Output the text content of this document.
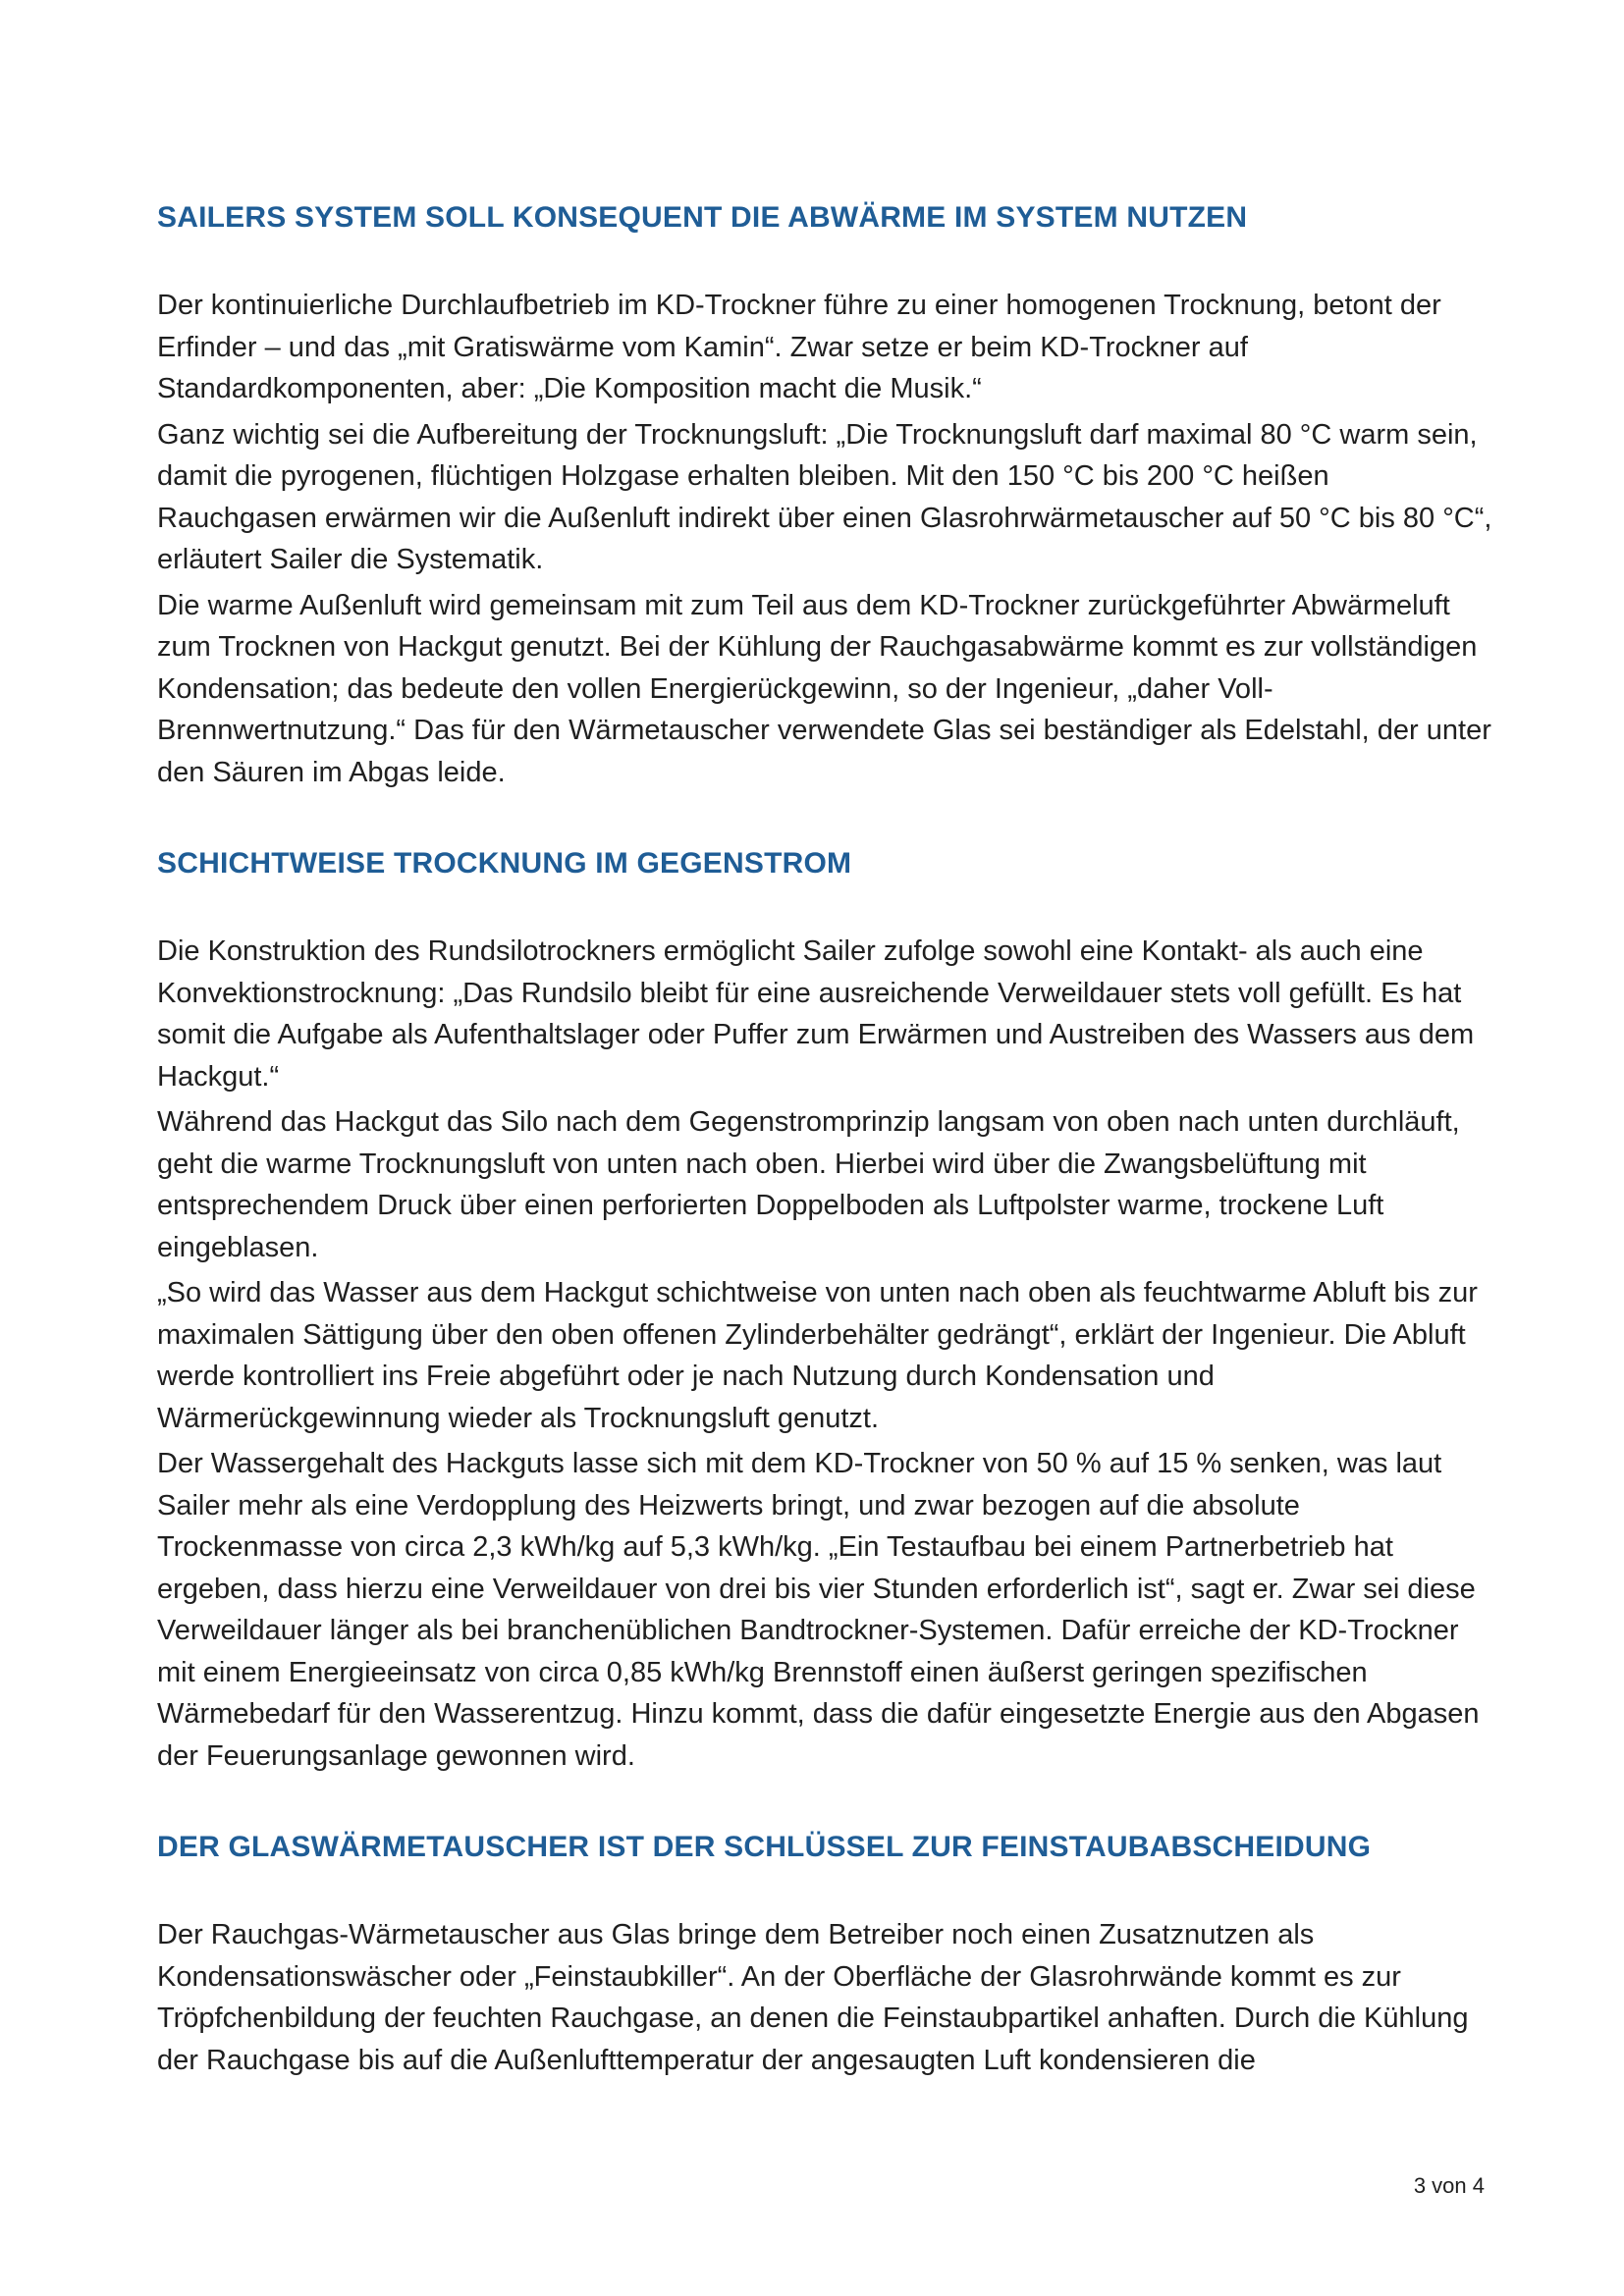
SAILERS SYSTEM SOLL KONSEQUENT DIE ABWÄRME IM SYSTEM NUTZEN

Der kontinuierliche Durchlaufbetrieb im KD-Trockner führe zu einer homogenen Trocknung, betont der Erfinder – und das „mit Gratiswärme vom Kamin“. Zwar setze er beim KD-Trockner auf Standardkomponenten, aber: „Die Komposition macht die Musik.“

Ganz wichtig sei die Aufbereitung der Trocknungsluft: „Die Trocknungsluft darf maximal 80 °C warm sein, damit die pyrogenen, flüchtigen Holzgase erhalten bleiben. Mit den 150 °C bis 200 °C heißen Rauchgasen erwärmen wir die Außenluft indirekt über einen Glasrohrwärmetauscher auf 50 °C bis 80 °C“, erläutert Sailer die Systematik.

Die warme Außenluft wird gemeinsam mit zum Teil aus dem KD-Trockner zurückgeführter Abwärmeluft zum Trocknen von Hackgut genutzt. Bei der Kühlung der Rauchgasabwärme kommt es zur vollständigen Kondensation; das bedeute den vollen Energierückgewinn, so der Ingenieur, „daher Voll-Brennwertnutzung.“ Das für den Wärmetauscher verwendete Glas sei beständiger als Edelstahl, der unter den Säuren im Abgas leide.

SCHICHTWEISE TROCKNUNG IM GEGENSTROM

Die Konstruktion des Rundsilotrockners ermöglicht Sailer zufolge sowohl eine Kontakt- als auch eine Konvektionstrocknung: „Das Rundsilo bleibt für eine ausreichende Verweildauer stets voll gefüllt. Es hat somit die Aufgabe als Aufenthaltslager oder Puffer zum Erwärmen und Austreiben des Wassers aus dem Hackgut.“

Während das Hackgut das Silo nach dem Gegenstromprinzip langsam von oben nach unten durchläuft, geht die warme Trocknungsluft von unten nach oben. Hierbei wird über die Zwangsbelüftung mit entsprechendem Druck über einen perforierten Doppelboden als Luftpolster warme, trockene Luft eingeblasen.

„So wird das Wasser aus dem Hackgut schichtweise von unten nach oben als feuchtwarme Abluft bis zur maximalen Sättigung über den oben offenen Zylinderbehälter gedrängt“, erklärt der Ingenieur. Die Abluft werde kontrolliert ins Freie abgeführt oder je nach Nutzung durch Kondensation und Wärmerückgewinnung wieder als Trocknungsluft genutzt.

Der Wassergehalt des Hackguts lasse sich mit dem KD-Trockner von 50 % auf 15 % senken, was laut Sailer mehr als eine Verdopplung des Heizwerts bringt, und zwar bezogen auf die absolute Trockenmasse von circa 2,3 kWh/kg auf 5,3 kWh/kg. „Ein Testaufbau bei einem Partnerbetrieb hat ergeben, dass hierzu eine Verweildauer von drei bis vier Stunden erforderlich ist“, sagt er. Zwar sei diese Verweildauer länger als bei branchenüblichen Bandtrockner-Systemen. Dafür erreiche der KD-Trockner mit einem Energieeinsatz von circa 0,85 kWh/kg Brennstoff einen äußerst geringen spezifischen Wärmebedarf für den Wasserentzug. Hinzu kommt, dass die dafür eingesetzte Energie aus den Abgasen der Feuerungsanlage gewonnen wird.

DER GLASWÄRMETAUSCHER IST DER SCHLÜSSEL ZUR FEINSTAUBABSCHEIDUNG

Der Rauchgas-Wärmetauscher aus Glas bringe dem Betreiber noch einen Zusatznutzen als Kondensationswäscher oder „Feinstaubkiller“. An der Oberfläche der Glasrohrwände kommt es zur Tröpfchenbildung der feuchten Rauchgase, an denen die Feinstaubpartikel anhaften. Durch die Kühlung der Rauchgase bis auf die Außenlufttemperatur der angesaugten Luft kondensieren die

3 von 4
